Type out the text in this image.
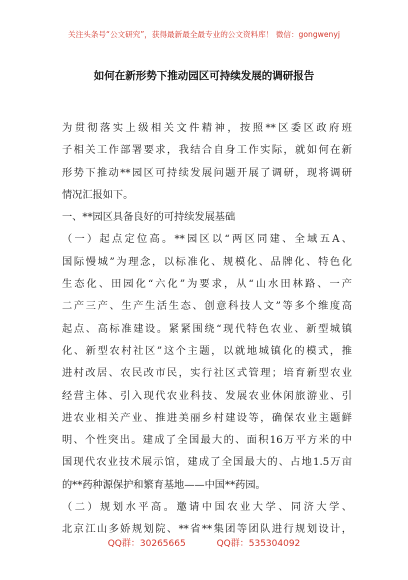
关注头条号“公文研究”，获得最新最全最专业的公文资料库！ 微信：gongwenyj
如何在新形势下推动园区可持续发展的调研报告
为贯彻落实上级相关文件精神，按照**区委区政府班
子相关工作部署要求，我结合自身工作实际，就如何在新
形势下推动**园区可持续发展问题开展了调研，现将调研
情况汇报如下。
一、**园区具备良好的可持续发展基础
（一）起点定位高。**园区以“两区同建、全域五A、
国际慢城”为理念，以标准化、规模化、品牌化、特色化
生态化、田园化“六化”为要求，从“山水田林路、一产
二产三产、生产生活生态、创意科技人文”等多个维度高
起点、高标准建设。紧紧围绕“现代特色农业、新型城镇
化、新型农村社区”这个主题，以就地城镇化的模式，推
进村改居、农民改市民，实行社区式管理；培育新型农业
经营主体、引入现代农业科技、发展农业休闲旅游业、引
进农业相关产业、推进美丽乡村建设等，确保农业主题鲜
明、个性突出。建成了全国最大的、面积16万平方米的中
国现代农业技术展示馆，建成了全国最大的、占地1.5万亩
的**药种源保护和繁育基地——中国**药园。
（二）规划水平高。邀请中国农业大学、同济大学、
北京江山多娇规划院、**省**集团等团队进行规划设计，
QQ群：30265665	QQ群：535304092
